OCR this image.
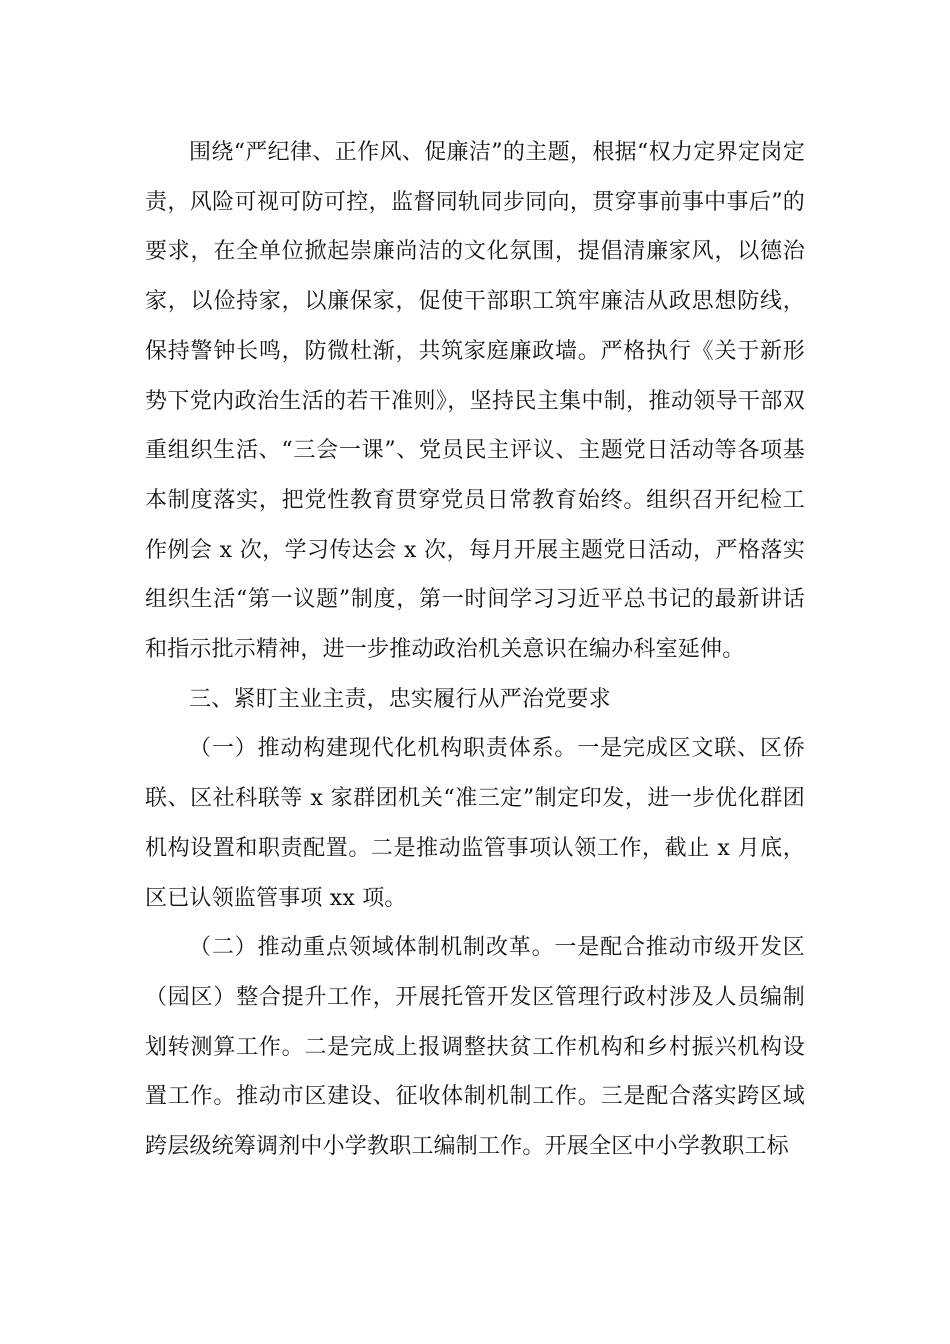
围绕“严纪律、正作风、促廉洁”的主题，根据“权力定界定岗定责，风险可视可防可控，监督同轨同步同向，贯穿事前事中事后”的要求，在全单位掀起崇廉尚洁的文化氛围，提倡清廉家风，以德治家，以俭持家，以廉保家，促使干部职工筑牢廉洁从政思想防线，保持警钟长鸣，防微杜渐，共筑家庭廉政墙。严格执行《关于新形势下党内政治生活的若干准则》，坚持民主集中制，推动领导干部双重组织生活、“三会一课”、党员民主评议、主题党日活动等各项基本制度落实，把党性教育贯穿党员日常教育始终。组织召开纪检工作例会 x 次，学习传达会 x 次，每月开展主题党日活动，严格落实组织生活“第一议题”制度，第一时间学习习近平总书记的最新讲话和指示批示精神，进一步推动政治机关意识在编办科室延伸。

三、紧盯主业主责，忠实履行从严治党要求

（一）推动构建现代化机构职责体系。一是完成区文联、区侨联、区社科联等 x 家群团机关“准三定”制定印发，进一步优化群团机构设置和职责配置。二是推动监管事项认领工作，截止 x 月底，区已认领监管事项 xx 项。

（二）推动重点领域体制机制改革。一是配合推动市级开发区（园区）整合提升工作，开展托管开发区管理行政村涉及人员编制划转测算工作。二是完成上报调整扶贫工作机构和乡村振兴机构设置工作。推动市区建设、征收体制机制工作。三是配合落实跨区域跨层级统筹调剂中小学教职工编制工作。开展全区中小学教职工标
